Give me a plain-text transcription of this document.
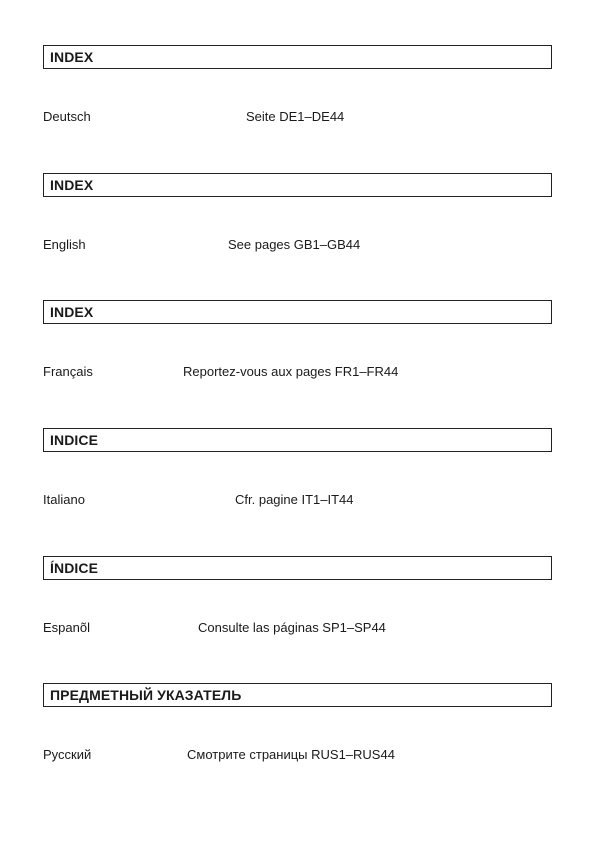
INDEX
Deutsch	Seite DE1–DE44
INDEX
English	See pages GB1–GB44
INDEX
Français	Reportez-vous aux pages FR1–FR44
INDICE
Italiano	Cfr. pagine IT1–IT44
ÍNDICE
Espanõl	Consulte las páginas SP1–SP44
ПРЕДМЕТНЫЙ УКАЗАТЕЛЬ
Русский	Смотрите страницы RUS1–RUS44
